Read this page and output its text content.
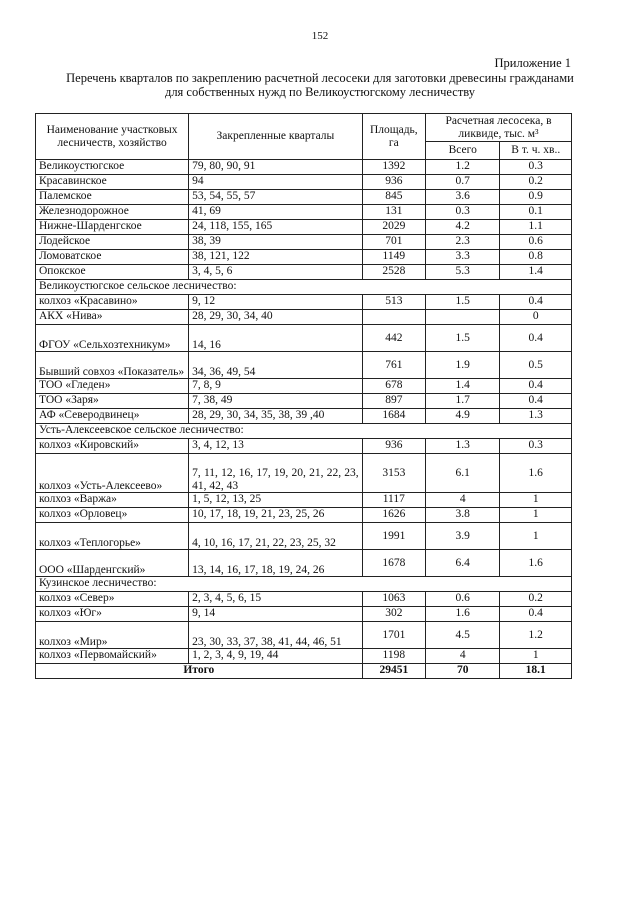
152
Приложение 1
Перечень кварталов по закреплению расчетной лесосеки для заготовки древесины гражданами
для собственных нужд по Великоустюгскому лесничеству
Наименование участковых лесничеств, хозяйство	Закрепленные кварталы	Площадь, га	Расчетная лесосека, в ликвиде, тыс. м³	
			Всего	В т. ч. хв..
Великоустюгское	79, 80, 90, 91	1392	1.2	0.3
Красавинское	94	936	0.7	0.2
Палемское	53, 54, 55, 57	845	3.6	0.9
Железнодорожное	41, 69	131	0.3	0.1
Нижне-Шарденгское	24, 118, 155, 165	2029	4.2	1.1
Лодейское	38, 39	701	2.3	0.6
Ломоватское	38, 121, 122	1149	3.3	0.8
Опокское	3, 4, 5, 6	2528	5.3	1.4
Великоустюгское сельское лесничество:				
колхоз «Красавино»	9, 12	513	1.5	0.4
АКХ «Нива»	28, 29, 30, 34, 40			0
ФГОУ «Сельхозтехникум»	14, 16	442	1.5	0.4
Бывший совхоз «Показатель»	34, 36, 49, 54	761	1.9	0.5
ТОО «Гледен»	7, 8, 9	678	1.4	0.4
ТОО «Заря»	7, 38, 49	897	1.7	0.4
АФ «Северодвинец»	28, 29, 30, 34, 35, 38, 39 ,40	1684	4.9	1.3
Усть-Алексеевское сельское лесничество:				
колхоз «Кировский»	3, 4, 12, 13	936	1.3	0.3
колхоз «Усть-Алексеево»	7, 11, 12, 16, 17, 19, 20, 21, 22, 23, 41, 42, 43	3153	6.1	1.6
колхоз «Варжа»	1, 5, 12, 13, 25	1117	4	1
колхоз «Орловец»	10, 17, 18, 19, 21, 23, 25, 26	1626	3.8	1
колхоз «Теплогорье»	4, 10, 16, 17, 21, 22, 23, 25, 32	1991	3.9	1
ООО «Шарденгский»	13, 14, 16, 17, 18, 19, 24, 26	1678	6.4	1.6
Кузинское лесничество:				
колхоз «Север»	2, 3, 4, 5, 6, 15	1063	0.6	0.2
колхоз «Юг»	9, 14	302	1.6	0.4
колхоз «Мир»	23, 30, 33, 37, 38, 41, 44, 46, 51	1701	4.5	1.2
колхоз «Первомайский»	1, 2, 3, 4, 9, 19, 44	1198	4	1
Итого		29451	70	18.1
